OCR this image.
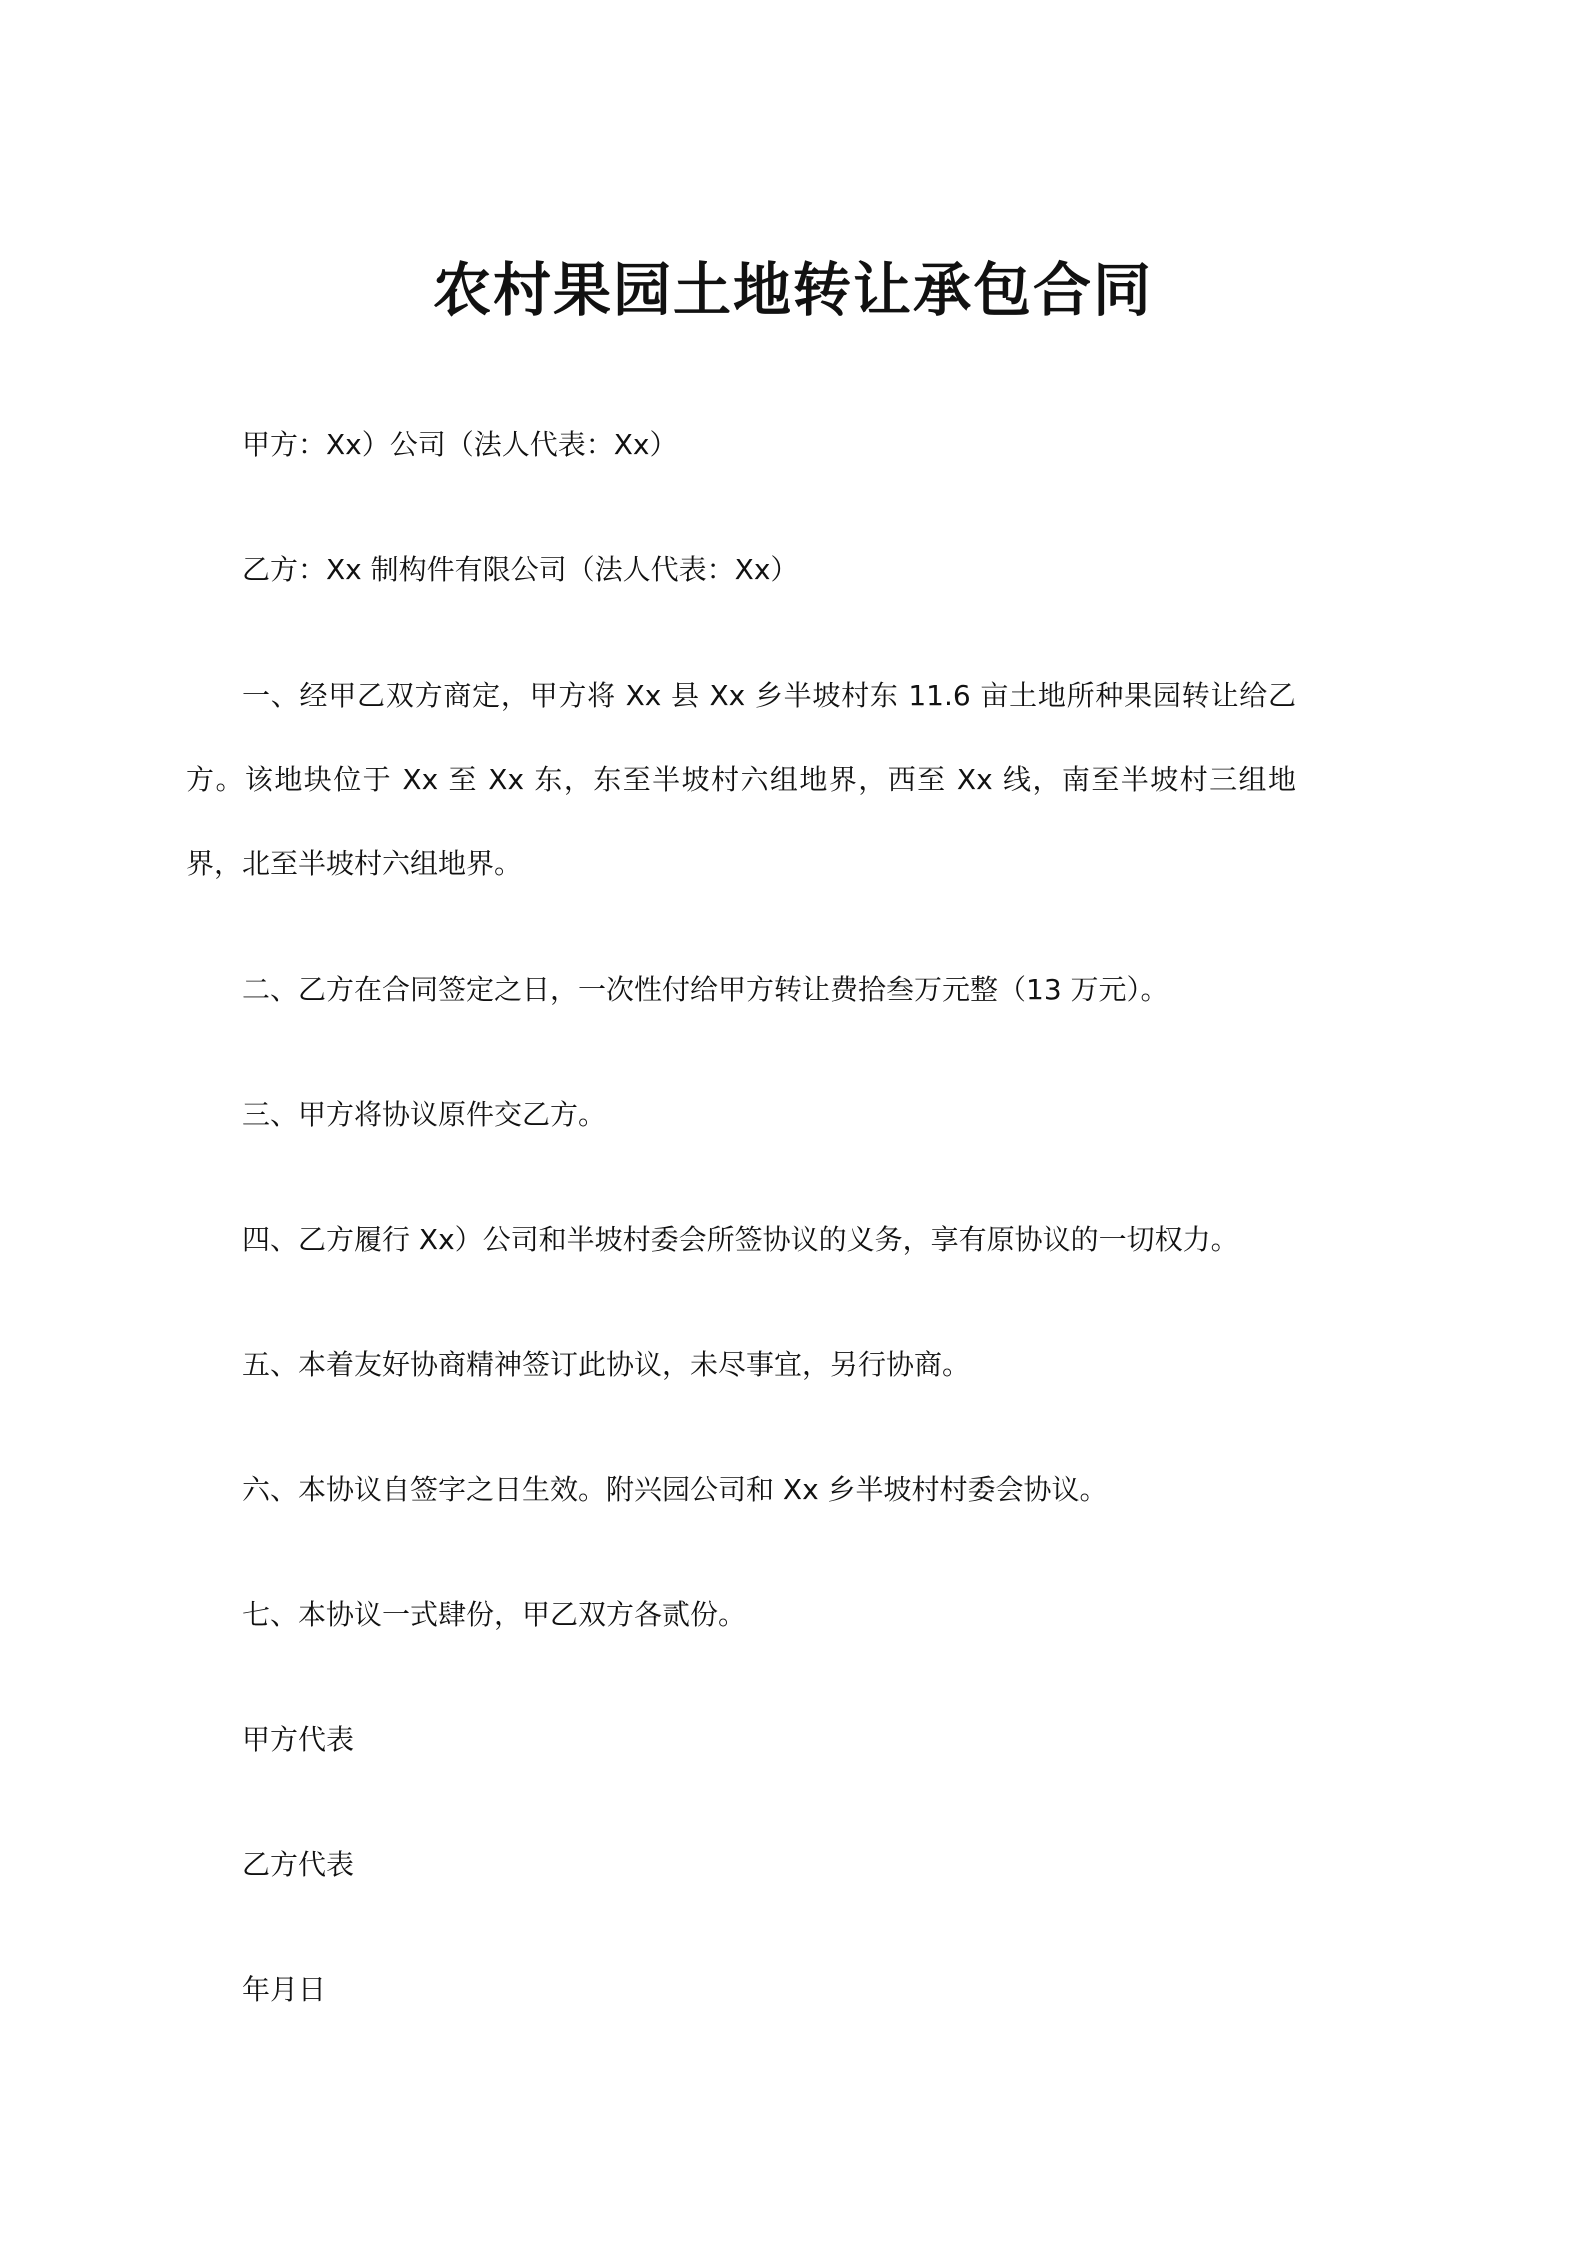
农村果园土地转让承包合同

甲方：Xx）公司（法人代表：Xx）

乙方：Xx 制构件有限公司（法人代表：Xx）

一、经甲乙双方商定，甲方将 Xx 县 Xx 乡半坡村东 11.6 亩土地所种果园转让给乙方。该地块位于 Xx 至 Xx 东，东至半坡村六组地界，西至 Xx 线，南至半坡村三组地界，北至半坡村六组地界。

二、乙方在合同签定之日，一次性付给甲方转让费拾叁万元整（13 万元）。

三、甲方将协议原件交乙方。

四、乙方履行 Xx）公司和半坡村委会所签协议的义务，享有原协议的一切权力。

五、本着友好协商精神签订此协议，未尽事宜，另行协商。

六、本协议自签字之日生效。附兴园公司和 Xx 乡半坡村村委会协议。

七、本协议一式肆份，甲乙双方各贰份。

甲方代表

乙方代表

年月日
